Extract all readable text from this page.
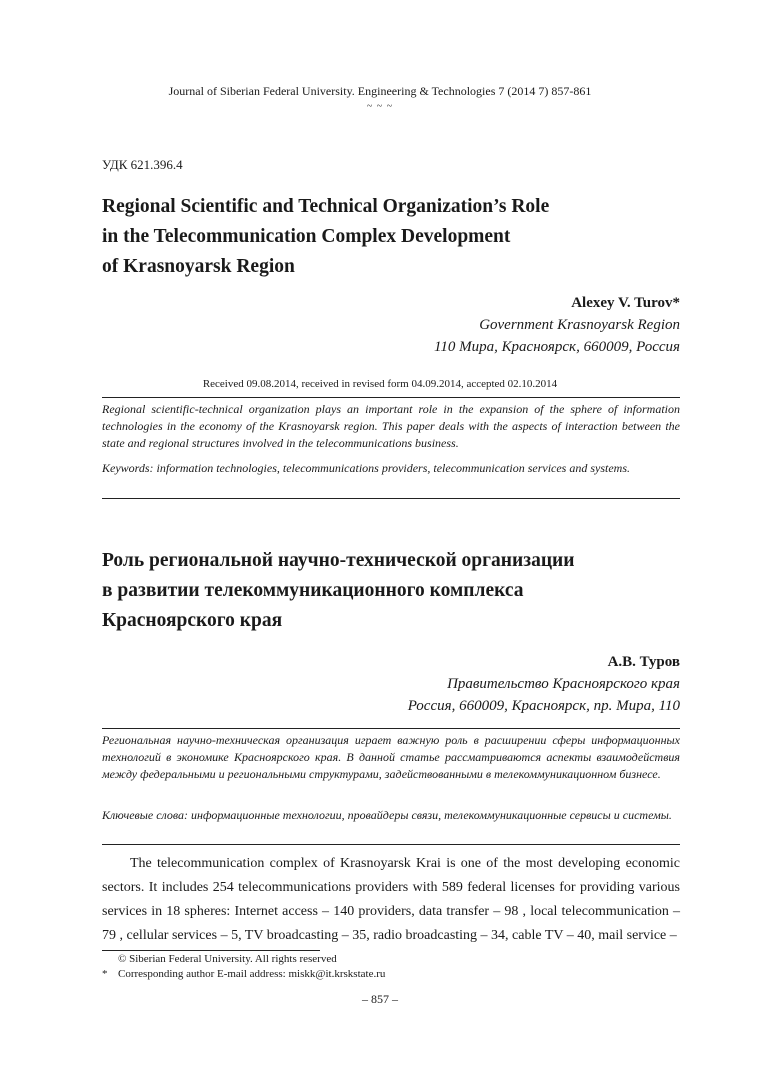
Journal of Siberian Federal University. Engineering & Technologies 7 (2014 7) 857-861
~ ~ ~
УДК 621.396.4
Regional Scientific and Technical Organization’s Role
in the Telecommunication Complex Development
of Krasnoyarsk Region
Alexey V. Turov*
Government Krasnoyarsk Region
110 Мира, Красноярск, 660009, Россия
Received 09.08.2014, received in revised form 04.09.2014, accepted 02.10.2014
Regional scientific-technical organization plays an important role in the expansion of the sphere of information technologies in the economy of the Krasnoyarsk region. This paper deals with the aspects of interaction between the state and regional structures involved in the telecommunications business.
Keywords: information technologies, telecommunications providers, telecommunication services and systems.
Роль региональной научно-технической организации
в развитии телекоммуникационного комплекса
Красноярского края
А.В. Туров
Правительство Красноярского края
Россия, 660009, Красноярск, пр. Мира, 110
Региональная научно-техническая организация играет важную роль в расширении сферы информационных технологий в экономике Красноярского края. В данной статье рассматриваются аспекты взаимодействия между федеральными и региональными структурами, задействованными в телекоммуникационном бизнесе.
Ключевые слова: информационные технологии, провайдеры связи, телекоммуникационные сервисы и системы.
The telecommunication complex of Krasnoyarsk Krai is one of the most developing economic sectors. It includes 254 telecommunications providers with 589 federal licenses for providing various services in 18 spheres: Internet access – 140 providers, data transfer – 98 , local telecommunication – 79 , cellular services – 5, TV broadcasting – 35, radio broadcasting – 34, cable TV – 40, mail service –
© Siberian Federal University. All rights reserved
* Corresponding author E-mail address: miskk@it.krskstate.ru
– 857 –
